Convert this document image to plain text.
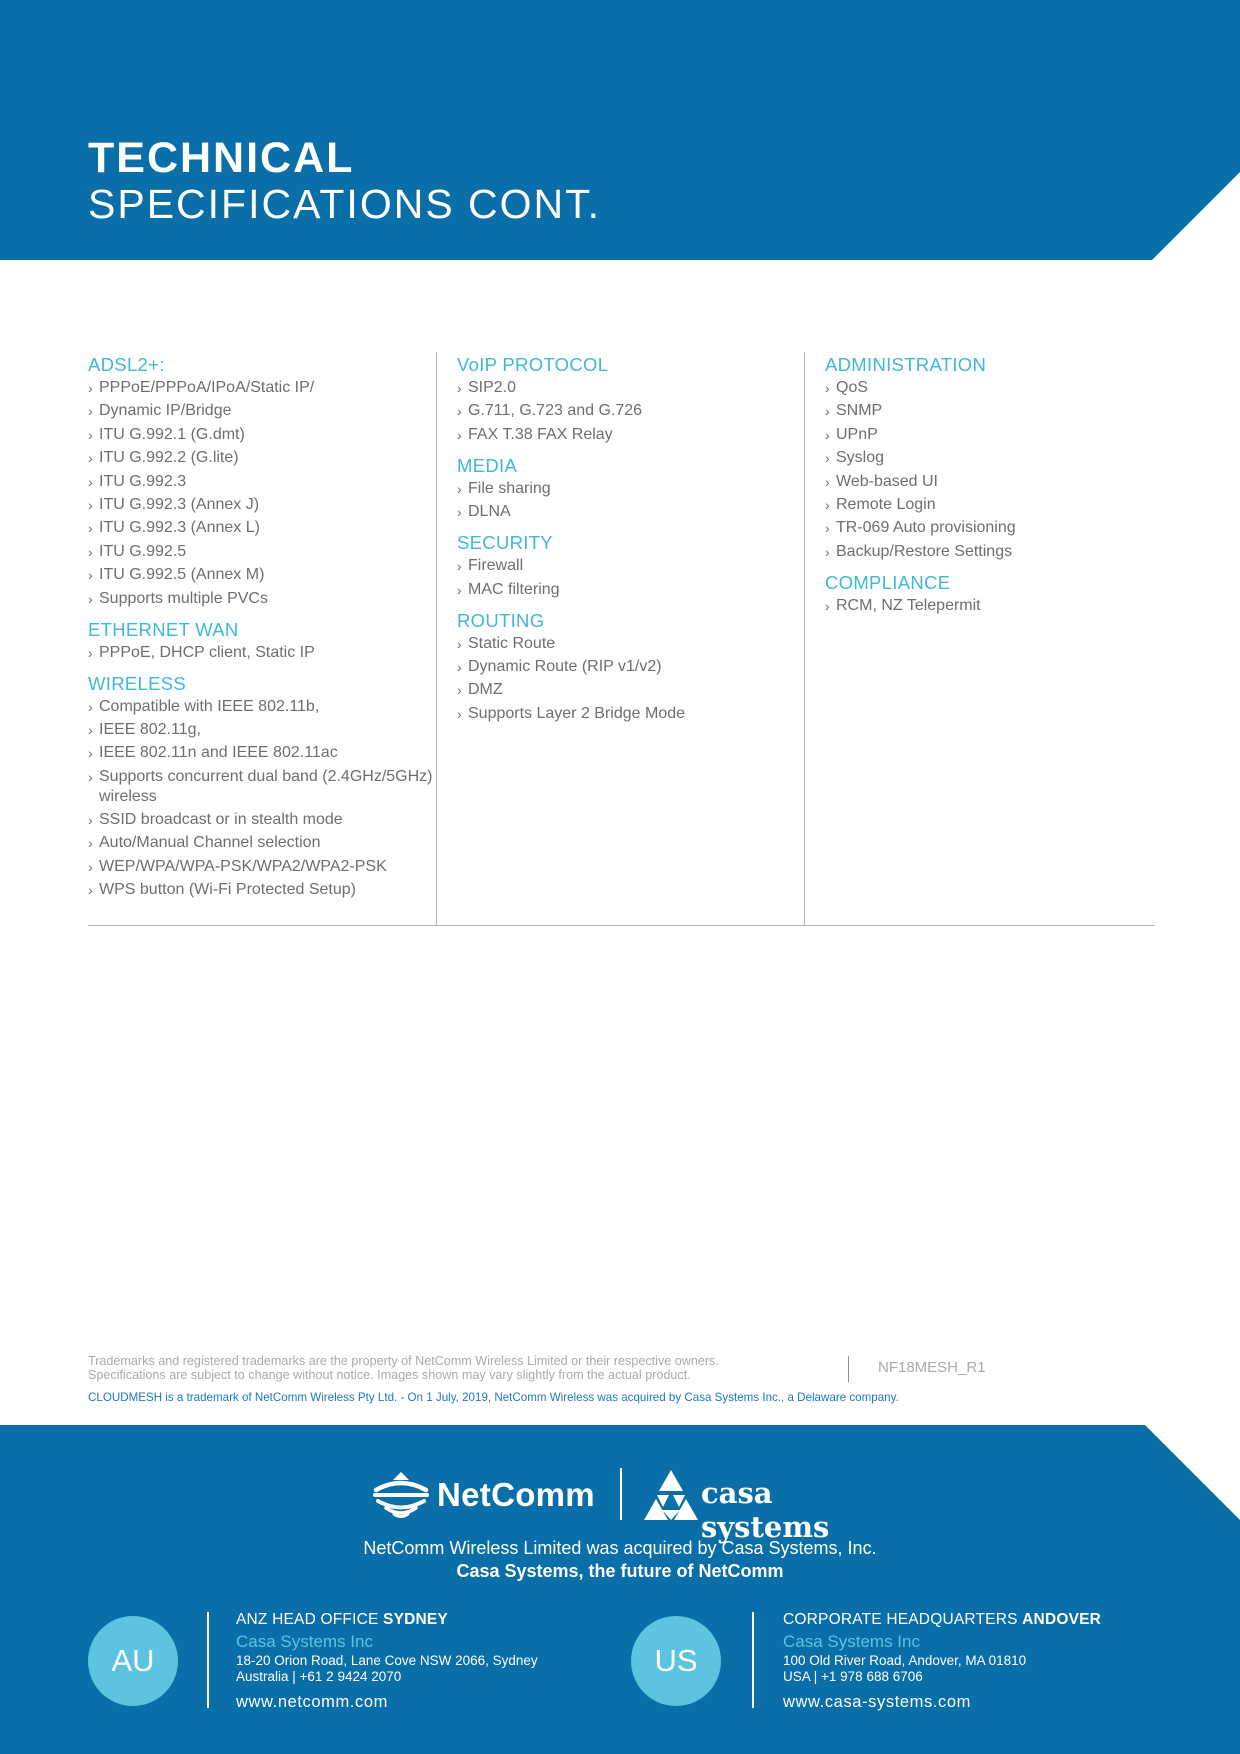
TECHNICAL
SPECIFICATIONS CONT.
ADSL2+:
› PPPoE/PPPoA/IPoA/Static IP/
› Dynamic IP/Bridge
› ITU G.992.1 (G.dmt)
› ITU G.992.2 (G.lite)
› ITU G.992.3
› ITU G.992.3 (Annex J)
› ITU G.992.3 (Annex L)
› ITU G.992.5
› ITU G.992.5 (Annex M)
› Supports multiple PVCs
ETHERNET WAN
› PPPoE, DHCP client, Static IP
WIRELESS
› Compatible with IEEE 802.11b,
› IEEE 802.11g,
› IEEE 802.11n and IEEE 802.11ac
› Supports concurrent dual band (2.4GHz/5GHz) wireless
› SSID broadcast or in stealth mode
› Auto/Manual Channel selection
› WEP/WPA/WPA-PSK/WPA2/WPA2-PSK
› WPS button (Wi-Fi Protected Setup)
VoIP PROTOCOL
› SIP2.0
› G.711, G.723 and G.726
› FAX T.38 FAX Relay
MEDIA
› File sharing
› DLNA
SECURITY
› Firewall
› MAC filtering
ROUTING
› Static Route
› Dynamic Route (RIP v1/v2)
› DMZ
› Supports Layer 2 Bridge Mode
ADMINISTRATION
› QoS
› SNMP
› UPnP
› Syslog
› Web-based UI
› Remote Login
› TR-069 Auto provisioning
› Backup/Restore Settings
COMPLIANCE
› RCM, NZ Telepermit
Trademarks and registered trademarks are the property of NetComm Wireless Limited or their respective owners.
Specifications are subject to change without notice. Images shown may vary slightly from the actual product.	NF18MESH_R1
CLOUDMESH is a trademark of NetComm Wireless Pty Ltd. - On 1 July, 2019, NetComm Wireless was acquired by Casa Systems Inc., a Delaware company.
NetComm	casa systems
NetComm Wireless Limited was acquired by Casa Systems, Inc.
Casa Systems, the future of NetComm
AU
ANZ HEAD OFFICE SYDNEY
Casa Systems Inc
18-20 Orion Road, Lane Cove NSW 2066, Sydney
Australia | +61 2 9424 2070
www.netcomm.com
US
CORPORATE HEADQUARTERS ANDOVER
Casa Systems Inc
100 Old River Road, Andover, MA 01810
USA | +1 978 688 6706
www.casa-systems.com
